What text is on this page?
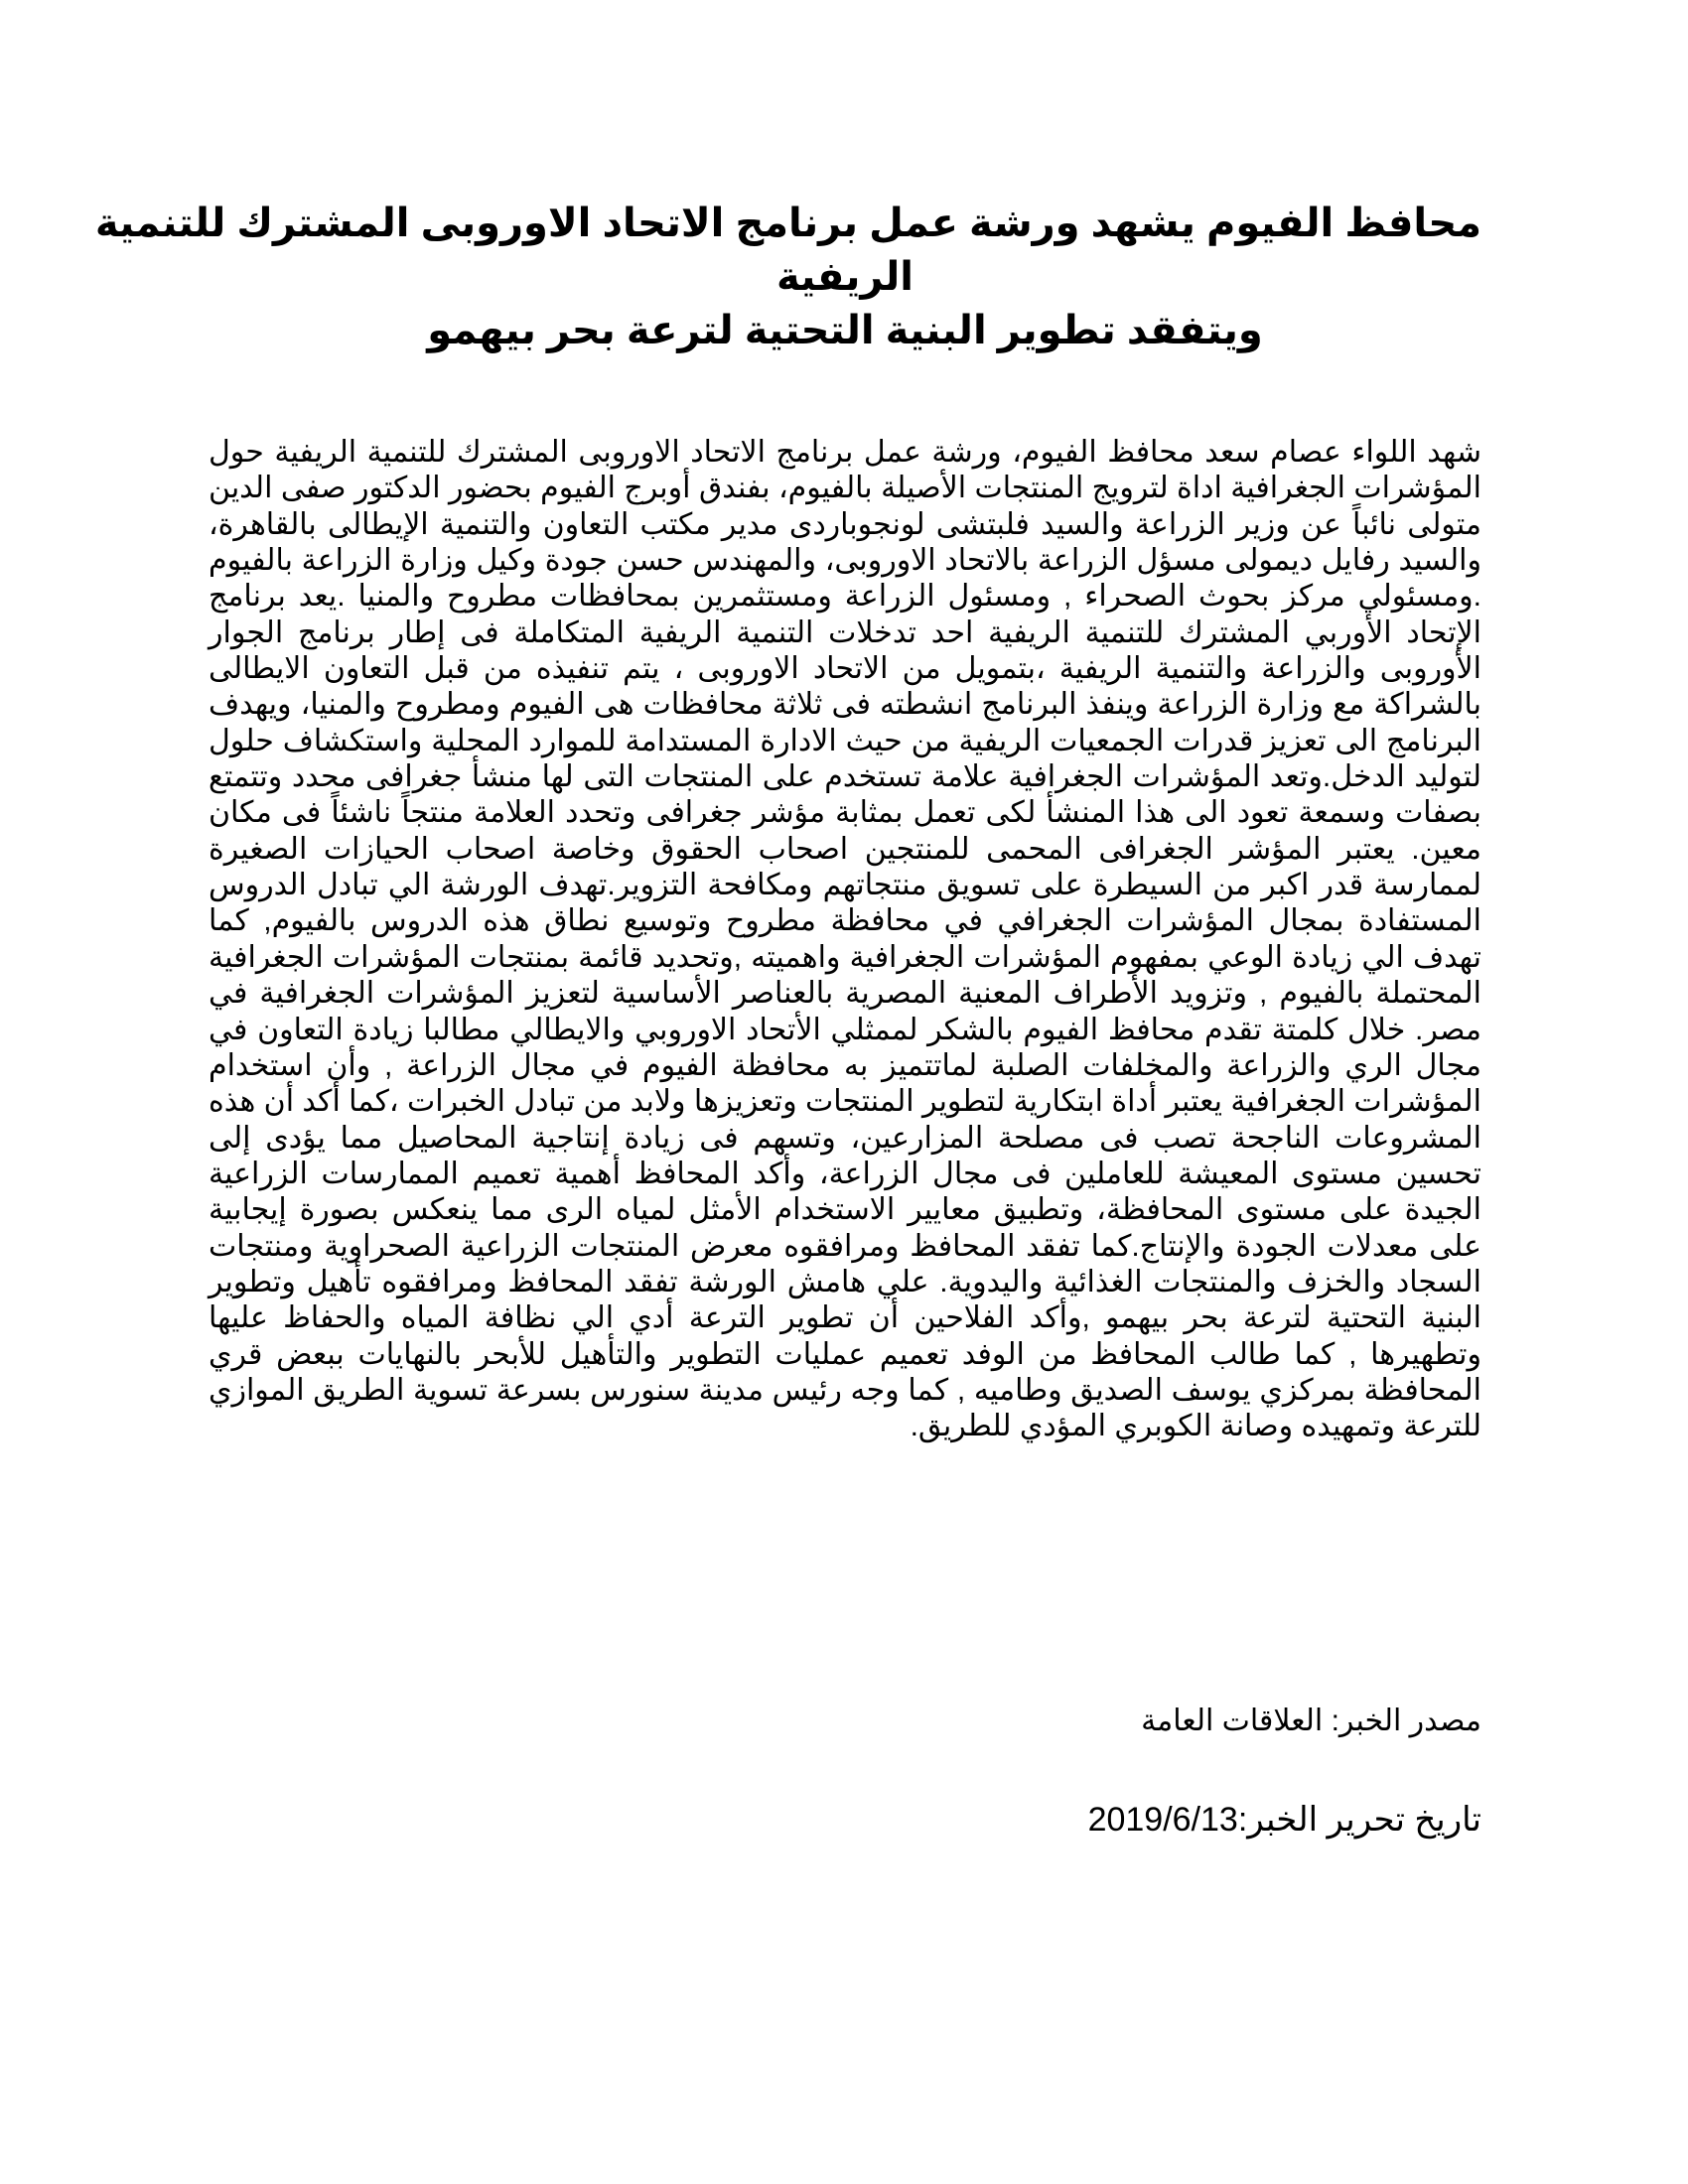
محافظ الفيوم يشهد ورشة عمل برنامج الاتحاد الاوروبى المشترك للتنمية
الريفية
ويتفقد تطوير البنية التحتية لترعة بحر بيهمو

شهد اللواء عصام سعد محافظ الفيوم، ورشة عمل برنامج الاتحاد الاوروبى المشترك للتنمية الريفية حول المؤشرات الجغرافية اداة لترويج المنتجات الأصيلة بالفيوم، بفندق أوبرج الفيوم بحضور الدكتور صفى الدين متولى نائباً عن وزير الزراعة والسيد فلبتشى لونجوباردى مدير مكتب التعاون والتنمية الإيطالى بالقاهرة، والسيد رفايل ديمولى مسؤل الزراعة بالاتحاد الاوروبى، والمهندس حسن جودة وكيل وزارة الزراعة بالفيوم .ومسئولي مركز بحوث الصحراء , ومسئول الزراعة ومستثمرين بمحافظات مطروح والمنيا .يعد برنامج الإتحاد الأوربي المشترك للتنمية الريفية احد تدخلات التنمية الريفية المتكاملة فى إطار برنامج الجوار الأوروبى والزراعة والتنمية الريفية ،بتمويل من الاتحاد الاوروبى ، يتم تنفيذه من قبل التعاون الايطالى بالشراكة مع وزارة الزراعة وينفذ البرنامج انشطته فى ثلاثة محافظات هى الفيوم ومطروح والمنيا، ويهدف البرنامج الى تعزيز قدرات الجمعيات الريفية من حيث الادارة المستدامة للموارد المحلية واستكشاف حلول لتوليد الدخل.وتعد المؤشرات الجغرافية علامة تستخدم على المنتجات التى لها منشأ جغرافى محدد وتتمتع بصفات وسمعة تعود الى هذا المنشأ لكى تعمل بمثابة مؤشر جغرافى وتحدد العلامة منتجاً ناشئاً فى مكان معين. يعتبر المؤشر الجغرافى المحمى للمنتجين اصحاب الحقوق وخاصة اصحاب الحيازات الصغيرة لممارسة قدر اكبر من السيطرة على تسويق منتجاتهم ومكافحة التزوير.تهدف الورشة الي تبادل الدروس المستفادة بمجال المؤشرات الجغرافي في محافظة مطروح وتوسيع نطاق هذه الدروس بالفيوم, كما تهدف الي زيادة الوعي بمفهوم المؤشرات الجغرافية واهميته ,وتحديد قائمة بمنتجات المؤشرات الجغرافية المحتملة بالفيوم , وتزويد الأطراف المعنية المصرية بالعناصر الأساسية لتعزيز المؤشرات الجغرافية في مصر. خلال كلمتة تقدم محافظ الفيوم بالشكر لممثلي الأتحاد الاوروبي والايطالي مطالبا زيادة التعاون في مجال الري والزراعة والمخلفات الصلبة لماتتميز به محافظة الفيوم في مجال الزراعة , وأن استخدام المؤشرات الجغرافية يعتبر أداة ابتكارية لتطوير المنتجات وتعزيزها ولابد من تبادل الخبرات ،كما أكد أن هذه المشروعات الناجحة تصب فى مصلحة المزارعين، وتسهم فى زيادة إنتاجية المحاصيل مما يؤدى إلى تحسين مستوى المعيشة للعاملين فى مجال الزراعة، وأكد المحافظ أهمية تعميم الممارسات الزراعية الجيدة على مستوى المحافظة، وتطبيق معايير الاستخدام الأمثل لمياه الرى مما ينعكس بصورة إيجابية على معدلات الجودة والإنتاج.كما تفقد المحافظ ومرافقوه معرض المنتجات الزراعية الصحراوية ومنتجات السجاد والخزف والمنتجات الغذائية واليدوية. علي هامش الورشة تفقد المحافظ ومرافقوه تأهيل وتطوير البنية التحتية لترعة بحر بيهمو ,وأكد الفلاحين أن تطوير الترعة أدي الي نظافة المياه والحفاظ عليها وتطهيرها , كما طالب المحافظ من الوفد تعميم عمليات التطوير والتأهيل للأبحر بالنهايات ببعض قري المحافظة بمركزي يوسف الصديق وطاميه , كما وجه رئيس مدينة سنورس بسرعة تسوية الطريق الموازي للترعة وتمهيده وصانة الكوبري المؤدي للطريق.

مصدر الخبر: العلاقات العامة
تاريخ تحرير الخبر:2019/6/13
